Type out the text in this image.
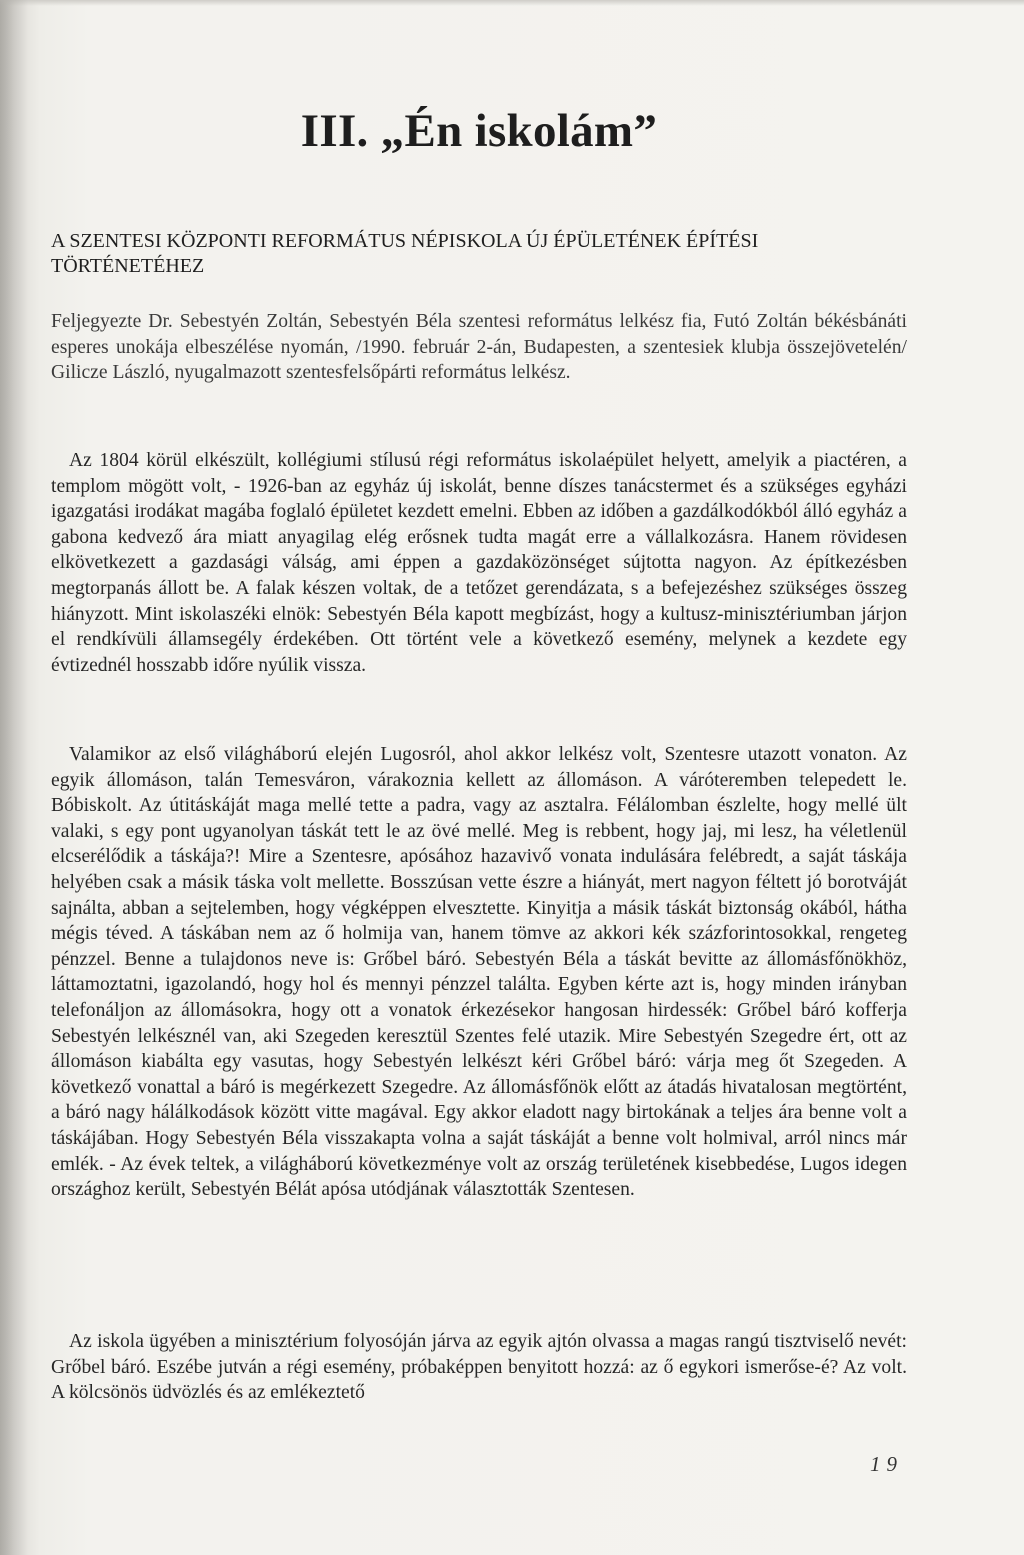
III. „Én iskolám”
A SZENTESI KÖZPONTI REFORMÁTUS NÉPISKOLA ÚJ ÉPÜLETÉNEK ÉPÍTÉSI TÖRTÉNETÉHEZ

Feljegyezte Dr. Sebestyén Zoltán, Sebestyén Béla szentesi református lelkész fia, Futó Zoltán békésbánáti esperes unokája elbeszélése nyomán, /1990. február 2-án, Budapesten, a szentesiek klubja összejövetelén/ Gilicze László, nyugalmazott szentesfelsőpárti református lelkész.

Az 1804 körül elkészült, kollégiumi stílusú régi református iskolaépület helyett, amelyik a piactéren, a templom mögött volt, - 1926-ban az egyház új iskolát, benne díszes tanácstermet és a szükséges egyházi igazgatási irodákat magába foglaló épületet kezdett emelni. Ebben az időben a gazdálkodókból álló egyház a gabona kedvező ára miatt anyagilag elég erősnek tudta magát erre a vállalkozásra. Hanem rövidesen elkövetkezett a gazdasági válság, ami éppen a gazdaközönséget sújtotta nagyon. Az építkezésben megtorpanás állott be. A falak készen voltak, de a tetőzet gerendázata, s a befejezéshez szükséges összeg hiányzott. Mint iskolaszéki elnök: Sebestyén Béla kapott megbízást, hogy a kultusz-minisztériumban járjon el rendkívüli államsegély érdekében. Ott történt vele a következő esemény, melynek a kezdete egy évtizednél hosszabb időre nyúlik vissza.

Valamikor az első világháború elején Lugosról, ahol akkor lelkész volt, Szentesre utazott vonaton. Az egyik állomáson, talán Temesváron, várakoznia kellett az állomáson. A váróteremben telepedett le. Bóbiskolt. Az útitáskáját maga mellé tette a padra, vagy az asztalra. Félálomban észlelte, hogy mellé ült valaki, s egy pont ugyanolyan táskát tett le az övé mellé. Meg is rebbent, hogy jaj, mi lesz, ha véletlenül elcserélődik a táskája?! Mire a Szentesre, apósához hazavivő vonata indulására felébredt, a saját táskája helyében csak a másik táska volt mellette. Bosszúsan vette észre a hiányát, mert nagyon féltett jó borotváját sajnálta, abban a sejtelemben, hogy végképpen elvesztette. Kinyitja a másik táskát biztonság okából, hátha mégis téved. A táskában nem az ő holmija van, hanem tömve az akkori kék százforintosokkal, rengeteg pénzzel. Benne a tulajdonos neve is: Grőbel báró. Sebestyén Béla a táskát bevitte az állomásfőnökhöz, láttamoztatni, igazolandó, hogy hol és mennyi pénzzel találta. Egyben kérte azt is, hogy minden irányban telefonáljon az állomásokra, hogy ott a vonatok érkezésekor hangosan hirdessék: Grőbel báró kofferja Sebestyén lelkésznél van, aki Szegeden keresztül Szentes felé utazik. Mire Sebestyén Szegedre ért, ott az állomáson kiabálta egy vasutas, hogy Sebestyén lelkészt kéri Grőbel báró: várja meg őt Szegeden. A következő vonattal a báró is megérkezett Szegedre. Az állomásfőnök előtt az átadás hivatalosan megtörtént, a báró nagy hálálkodások között vitte magával. Egy akkor eladott nagy birtokának a teljes ára benne volt a táskájában. Hogy Sebestyén Béla visszakapta volna a saját táskáját a benne volt holmival, arról nincs már emlék. - Az évek teltek, a világháború következménye volt az ország területének kisebbedése, Lugos idegen országhoz került, Sebestyén Bélát apósa utódjának választották Szentesen.

Az iskola ügyében a minisztérium folyosóján járva az egyik ajtón olvassa a magas rangú tisztviselő nevét: Grőbel báró. Eszébe jutván a régi esemény, próbaképpen benyitott hozzá: az ő egykori ismerőse-é? Az volt. A kölcsönös üdvözlés és az emlékeztető

19
